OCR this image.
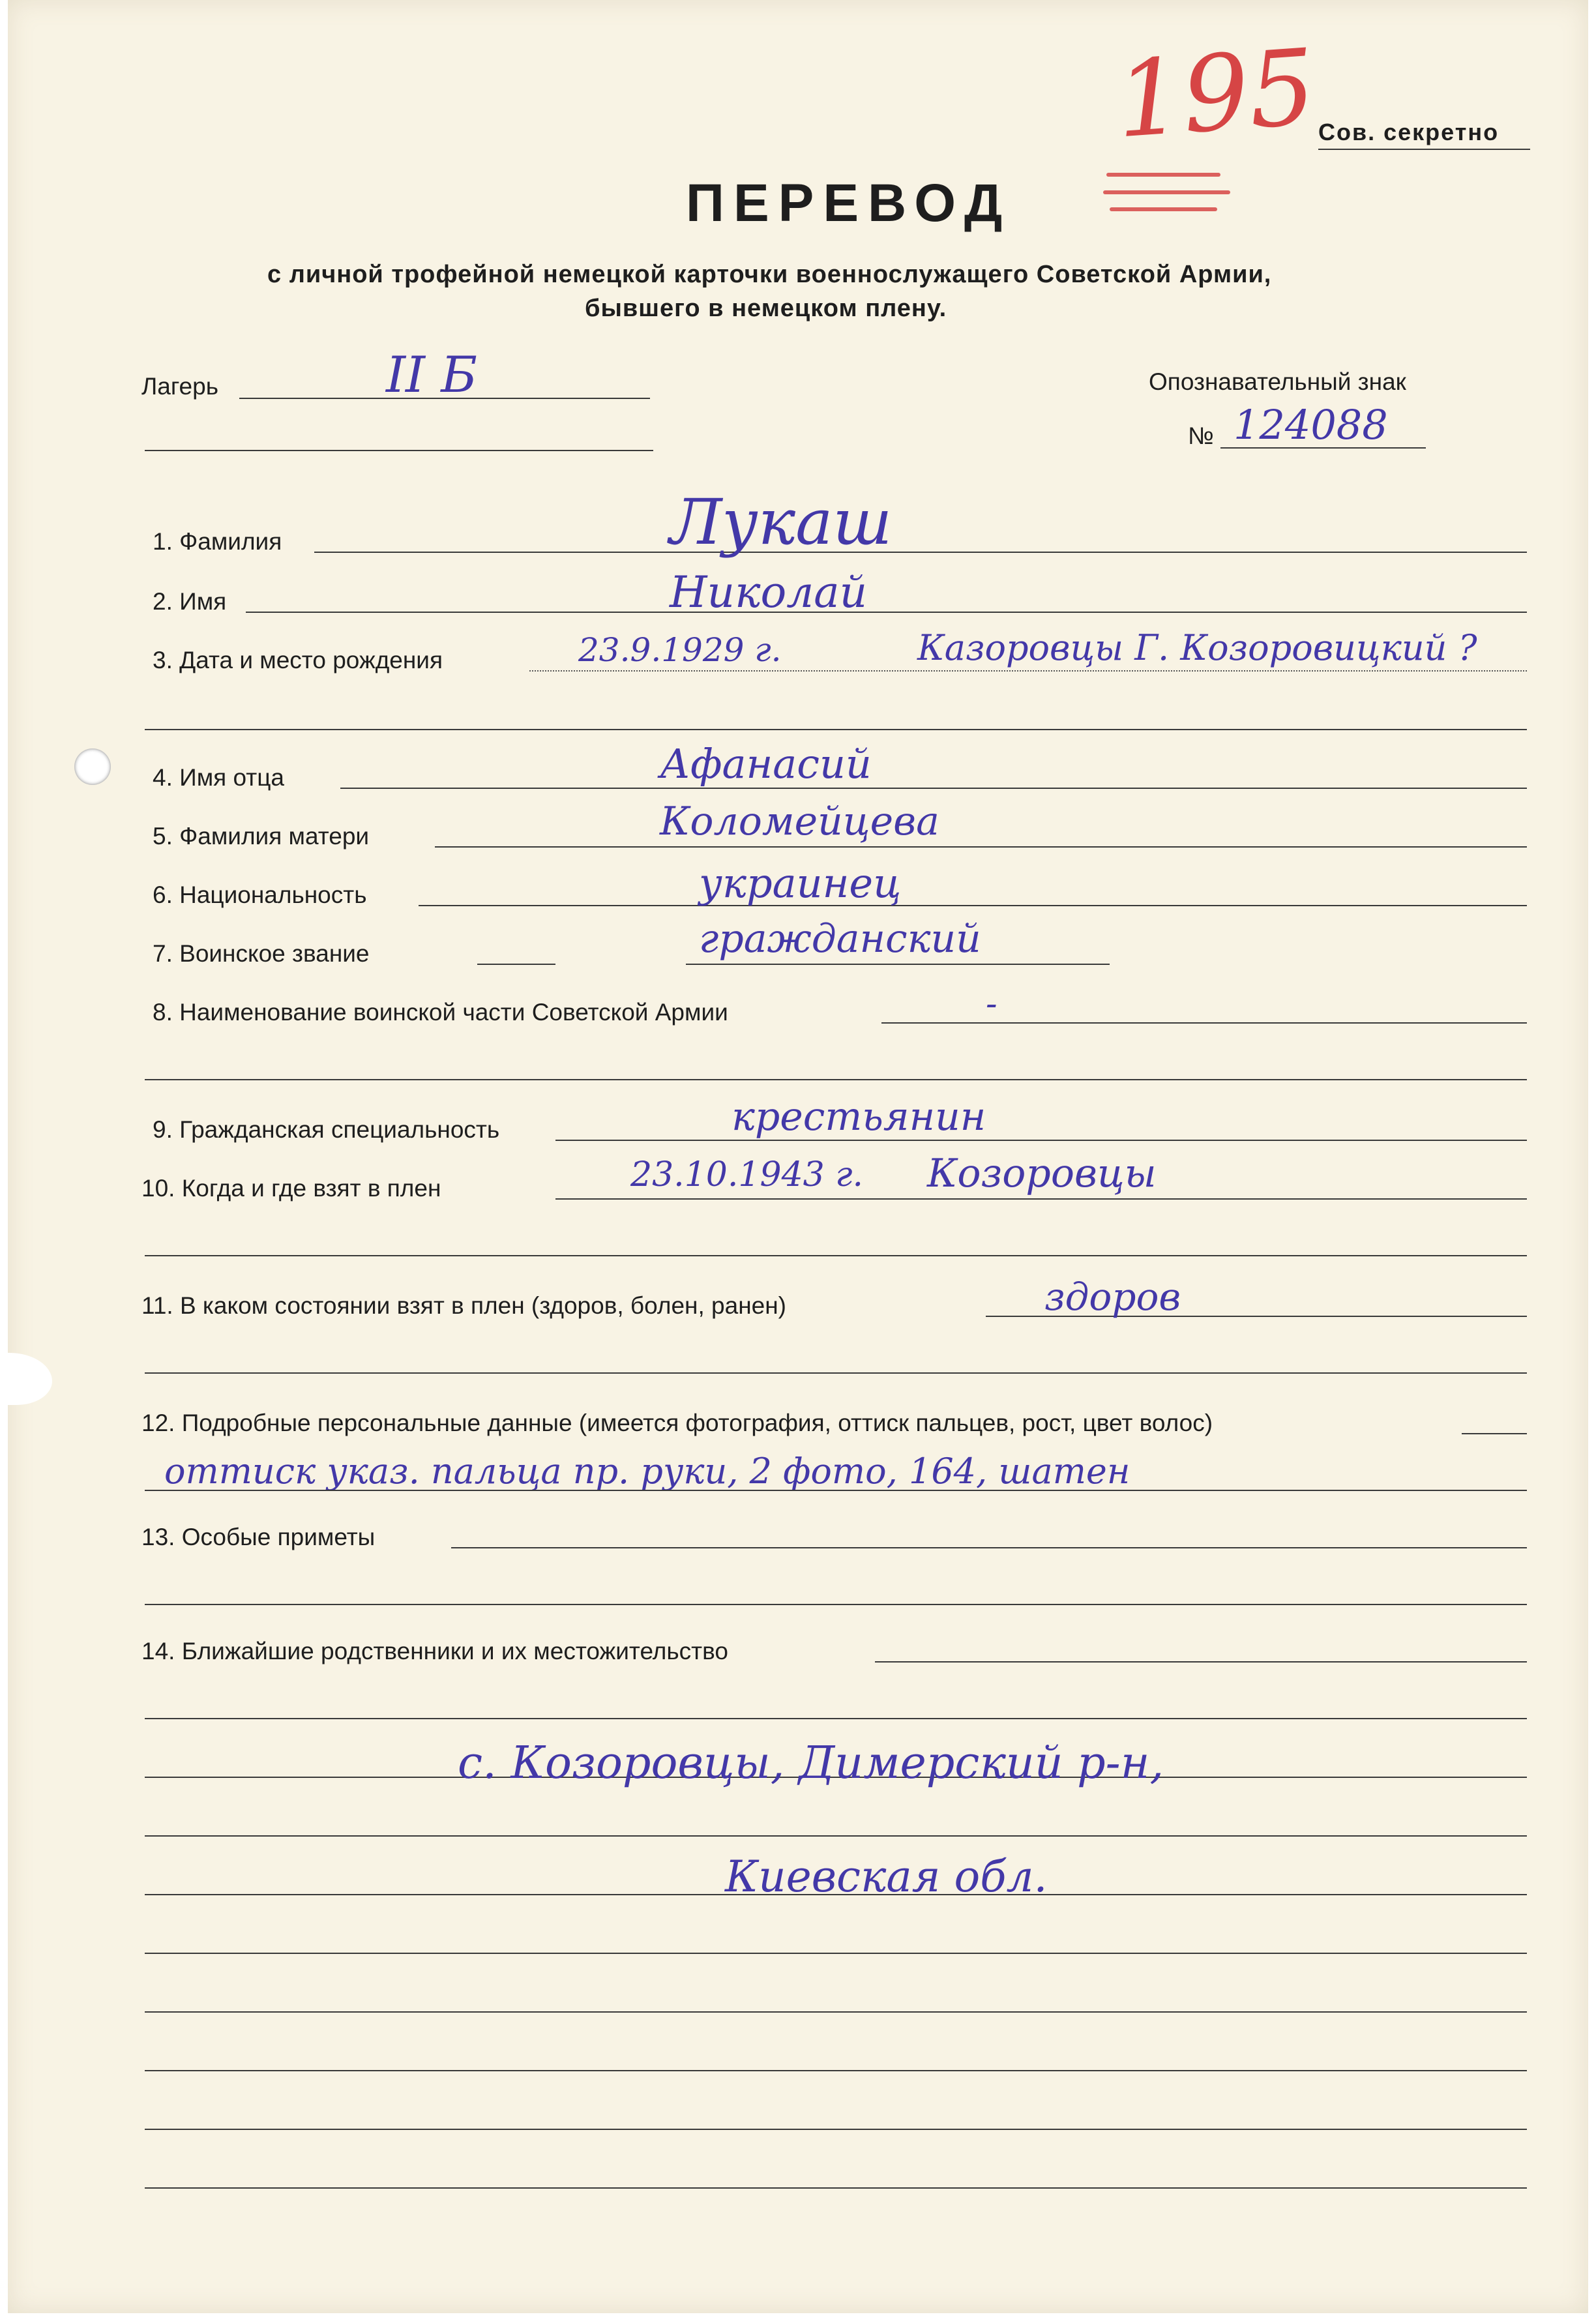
195
Сов. секретно
ПЕРЕВОД
с личной трофейной немецкой карточки военнослужащего Советской Армии,
бывшего в немецком плену.
Лагерь	II Б	Опознавательный знак
№ 124088
1. Фамилия	Лукаш
2. Имя	Николай
3. Дата и место рождения	23.9.1929 г.	Казоровцы Г. Козоровицкий ?
4. Имя отца	Афанасий
5. Фамилия матери	Коломейцева
6. Национальность	украинец
7. Воинское звание	гражданский
8. Наименование воинской части Советской Армии	-
9. Гражданская специальность	крестьянин
10. Когда и где взят в плен	23.10.1943 г. Козоровцы
11. В каком состоянии взят в плен (здоров, болен, ранен)	здоров
12. Подробные персональные данные (имеется фотография, оттиск пальцев, рост, цвет волос)
оттиск указ. пальца пр. руки, 2 фото, 164, шатен
13. Особые приметы
14. Ближайшие родственники и их местожительство
с. Козоровцы, Димерский р-н,
Киевская обл.
